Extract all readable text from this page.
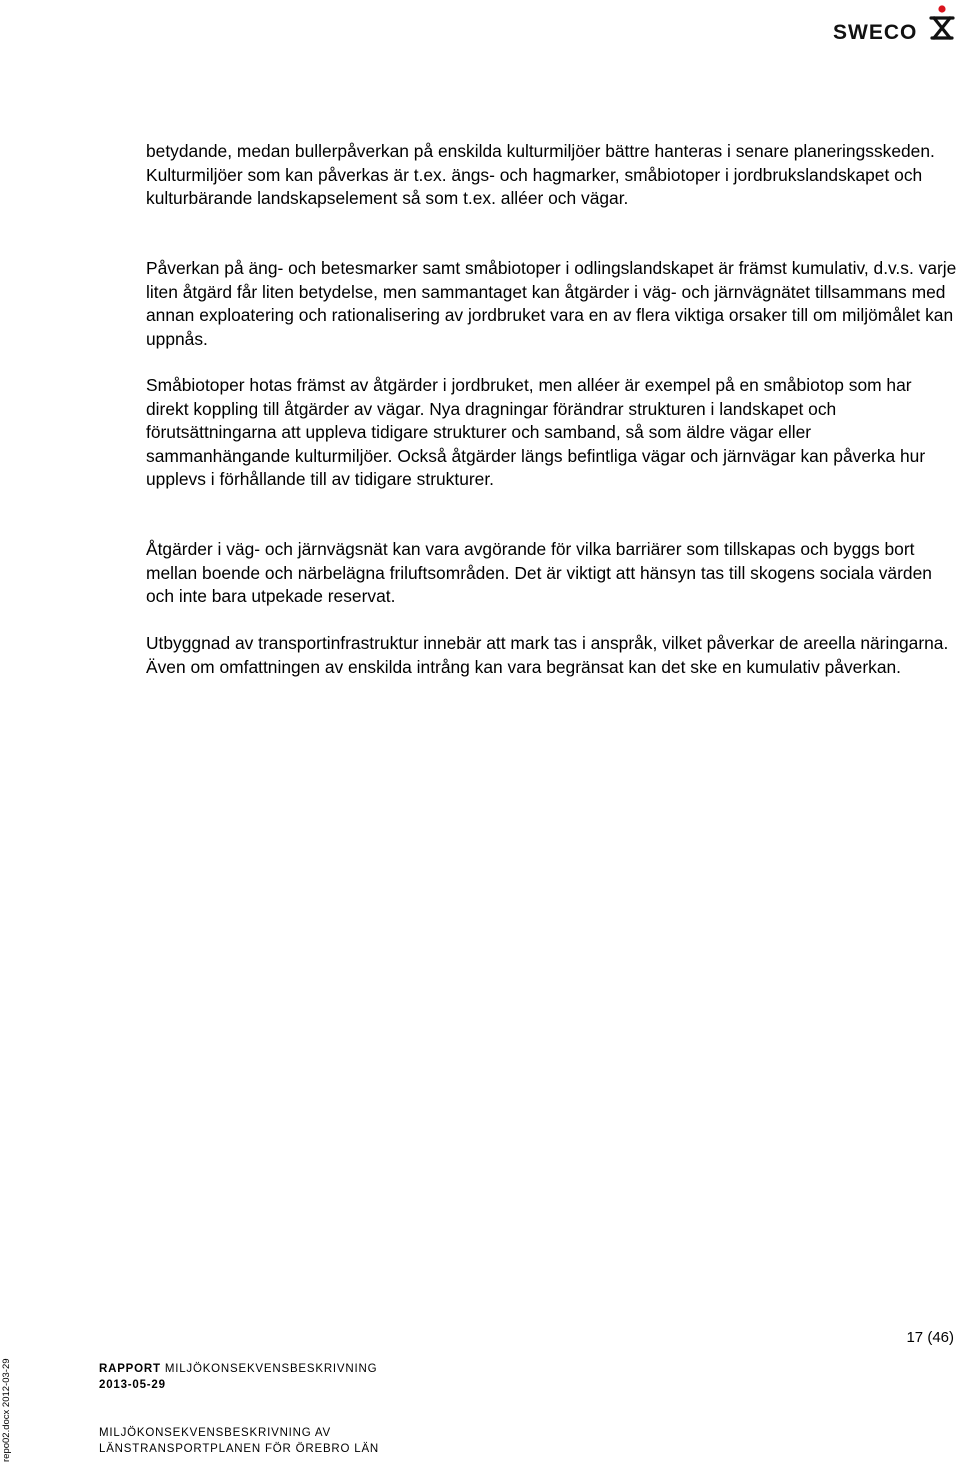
SWECO

betydande, medan bullerpåverkan på enskilda kulturmiljöer bättre hanteras i senare planeringsskeden. Kulturmiljöer som kan påverkas är t.ex. ängs- och hagmarker, småbiotoper i jordbrukslandskapet och kulturbärande landskapselement så som t.ex. alléer och vägar.

Påverkan på äng- och betesmarker samt småbiotoper i odlingslandskapet är främst kumulativ, d.v.s. varje liten åtgärd får liten betydelse, men sammantaget kan åtgärder i väg- och järnvägnätet tillsammans med annan exploatering och rationalisering av jordbruket vara en av flera viktiga orsaker till om miljömålet kan uppnås.

Småbiotoper hotas främst av åtgärder i jordbruket, men alléer är exempel på en småbiotop som har direkt koppling till åtgärder av vägar. Nya dragningar förändrar strukturen i landskapet och förutsättningarna att uppleva tidigare strukturer och samband, så som äldre vägar eller sammanhängande kulturmiljöer. Också åtgärder längs befintliga vägar och järnvägar kan påverka hur upplevs i förhållande till av tidigare strukturer.

Åtgärder i väg- och järnvägsnät kan vara avgörande för vilka barriärer som tillskapas och byggs bort mellan boende och närbelägna friluftsområden. Det är viktigt att hänsyn tas till skogens sociala värden och inte bara utpekade reservat.

Utbyggnad av transportinfrastruktur innebär att mark tas i anspråk, vilket påverkar de areella näringarna. Även om omfattningen av enskilda intrång kan vara begränsat kan det ske en kumulativ påverkan.

17 (46)
RAPPORT MILJÖKONSEKVENSBESKRIVNING
2013-05-29
MILJÖKONSEKVENSBESKRIVNING AV
LÄNSTRANSPORTPLANEN FÖR ÖREBRO LÄN
repo02.docx 2012-03-29
